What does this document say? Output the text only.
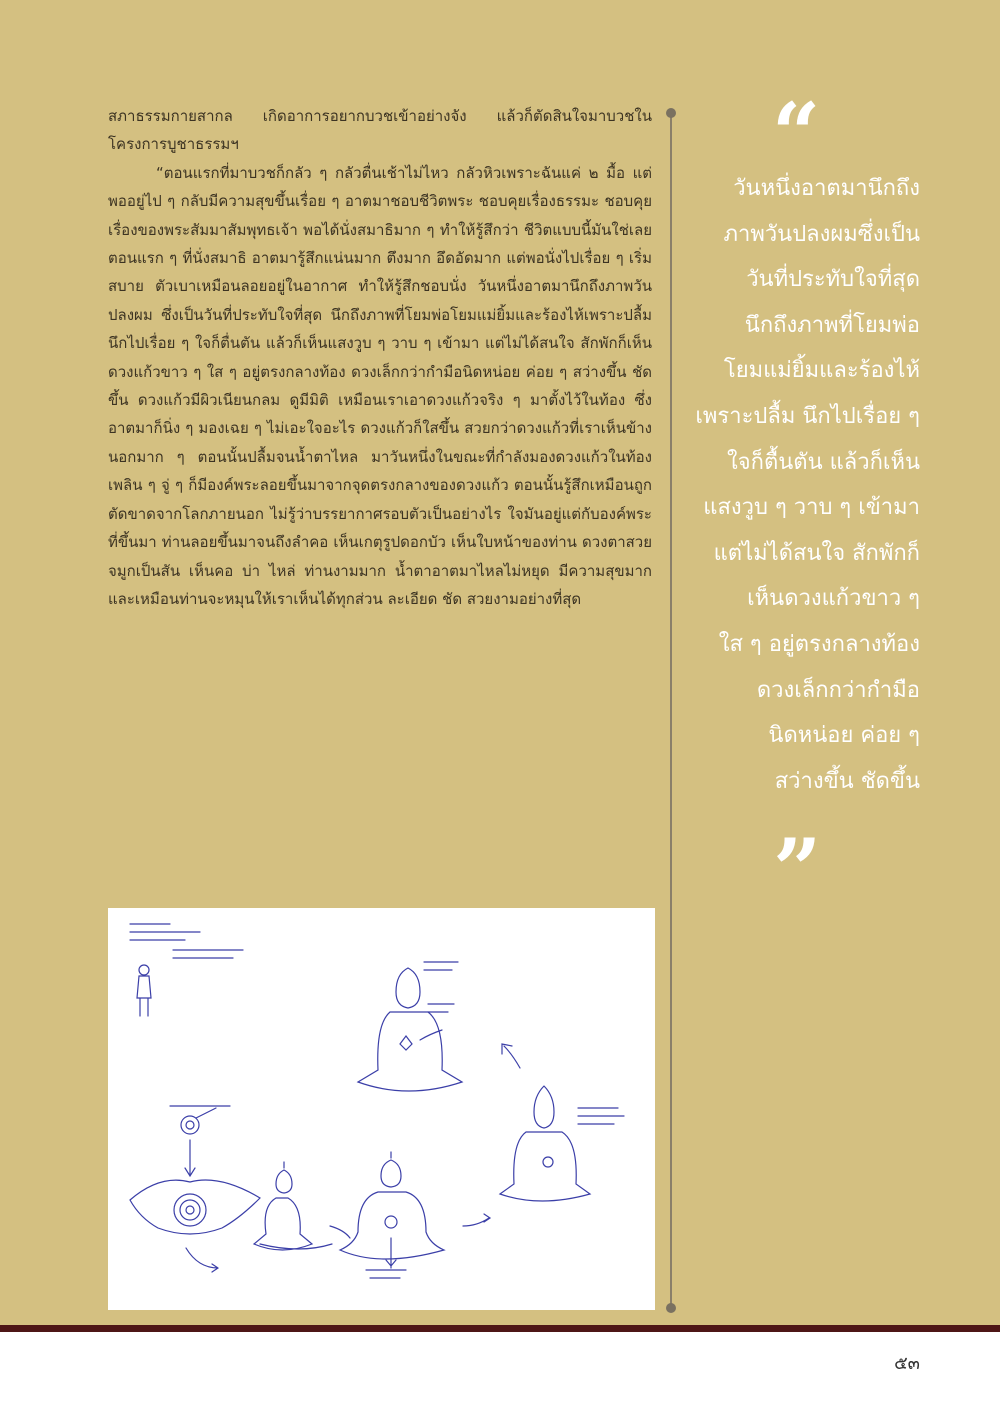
สภาธรรมกายสากล เกิดอาการอยากบวชเข้าอย่างจัง แล้วก็ตัดสินใจมาบวชในโครงการบูชาธรรมฯ

“ตอนแรกที่มาบวชก็กลัว ๆ กลัวตื่นเช้าไม่ไหว กลัวหิวเพราะฉันแค่ ๒ มื้อ แต่พออยู่ไป ๆ กลับมีความสุขขึ้นเรื่อย ๆ อาตมาชอบชีวิตพระ ชอบคุยเรื่องธรรมะ ชอบคุยเรื่องของพระสัมมาสัมพุทธเจ้า พอได้นั่งสมาธิมาก ๆ ทำให้รู้สึกว่า ชีวิตแบบนี้มันใช่เลย ตอนแรก ๆ ที่นั่งสมาธิ อาตมารู้สึกแน่นมาก ตึงมาก อึดอัดมาก แต่พอนั่งไปเรื่อย ๆ เริ่มสบาย ตัวเบาเหมือนลอยอยู่ในอากาศ ทำให้รู้สึกชอบนั่ง วันหนึ่งอาตมานึกถึงภาพวันปลงผม ซึ่งเป็นวันที่ประทับใจที่สุด นึกถึงภาพที่โยมพ่อโยมแม่ยิ้มและร้องไห้เพราะปลื้ม นึกไปเรื่อย ๆ ใจก็ตื่นตัน แล้วก็เห็นแสงวูบ ๆ วาบ ๆ เข้ามา แต่ไม่ได้สนใจ สักพักก็เห็นดวงแก้วขาว ๆ ใส ๆ อยู่ตรงกลางท้อง ดวงเล็กกว่ากำมือนิดหน่อย ค่อย ๆ สว่างขึ้น ชัดขึ้น ดวงแก้วมีผิวเนียนกลม ดูมีมิติ เหมือนเราเอาดวงแก้วจริง ๆ มาตั้งไว้ในท้อง ซึ่งอาตมาก็นิ่ง ๆ มองเฉย ๆ ไม่เอะใจอะไร ดวงแก้วก็ใสขึ้น สวยกว่าดวงแก้วที่เราเห็นข้างนอกมาก ๆ ตอนนั้นปลื้มจนน้ำตาไหล มาวันหนึ่งในขณะที่กำลังมองดวงแก้วในท้องเพลิน ๆ จู่ ๆ ก็มีองค์พระลอยขึ้นมาจากจุดตรงกลางของดวงแก้ว ตอนนั้นรู้สึกเหมือนถูกตัดขาดจากโลกภายนอก ไม่รู้ว่าบรรยากาศรอบตัวเป็นอย่างไร ใจมันอยู่แต่กับองค์พระที่ขึ้นมา ท่านลอยขึ้นมาจนถึงลำคอ เห็นเกตุรูปดอกบัว เห็นใบหน้าของท่าน ดวงตาสวย จมูกเป็นสัน เห็นคอ บ่า ไหล่ ท่านงามมาก น้ำตาอาตมาไหลไม่หยุด มีความสุขมากและเหมือนท่านจะหมุนให้เราเห็นได้ทุกส่วน ละเอียด ชัด สวยงามอย่างที่สุด

“
วันหนึ่งอาตมานึกถึง
ภาพวันปลงผมซึ่งเป็น
วันที่ประทับใจที่สุด
นึกถึงภาพที่โยมพ่อ
โยมแม่ยิ้มและร้องไห้
เพราะปลื้ม นึกไปเรื่อย ๆ
ใจก็ตื้นตัน แล้วก็เห็น
แสงวูบ ๆ วาบ ๆ เข้ามา
แต่ไม่ได้สนใจ สักพักก็
เห็นดวงแก้วขาว ๆ
ใส ๆ อยู่ตรงกลางท้อง
ดวงเล็กกว่ากำมือ
นิดหน่อย ค่อย ๆ
สว่างขึ้น ชัดขึ้น
”
๕๓
